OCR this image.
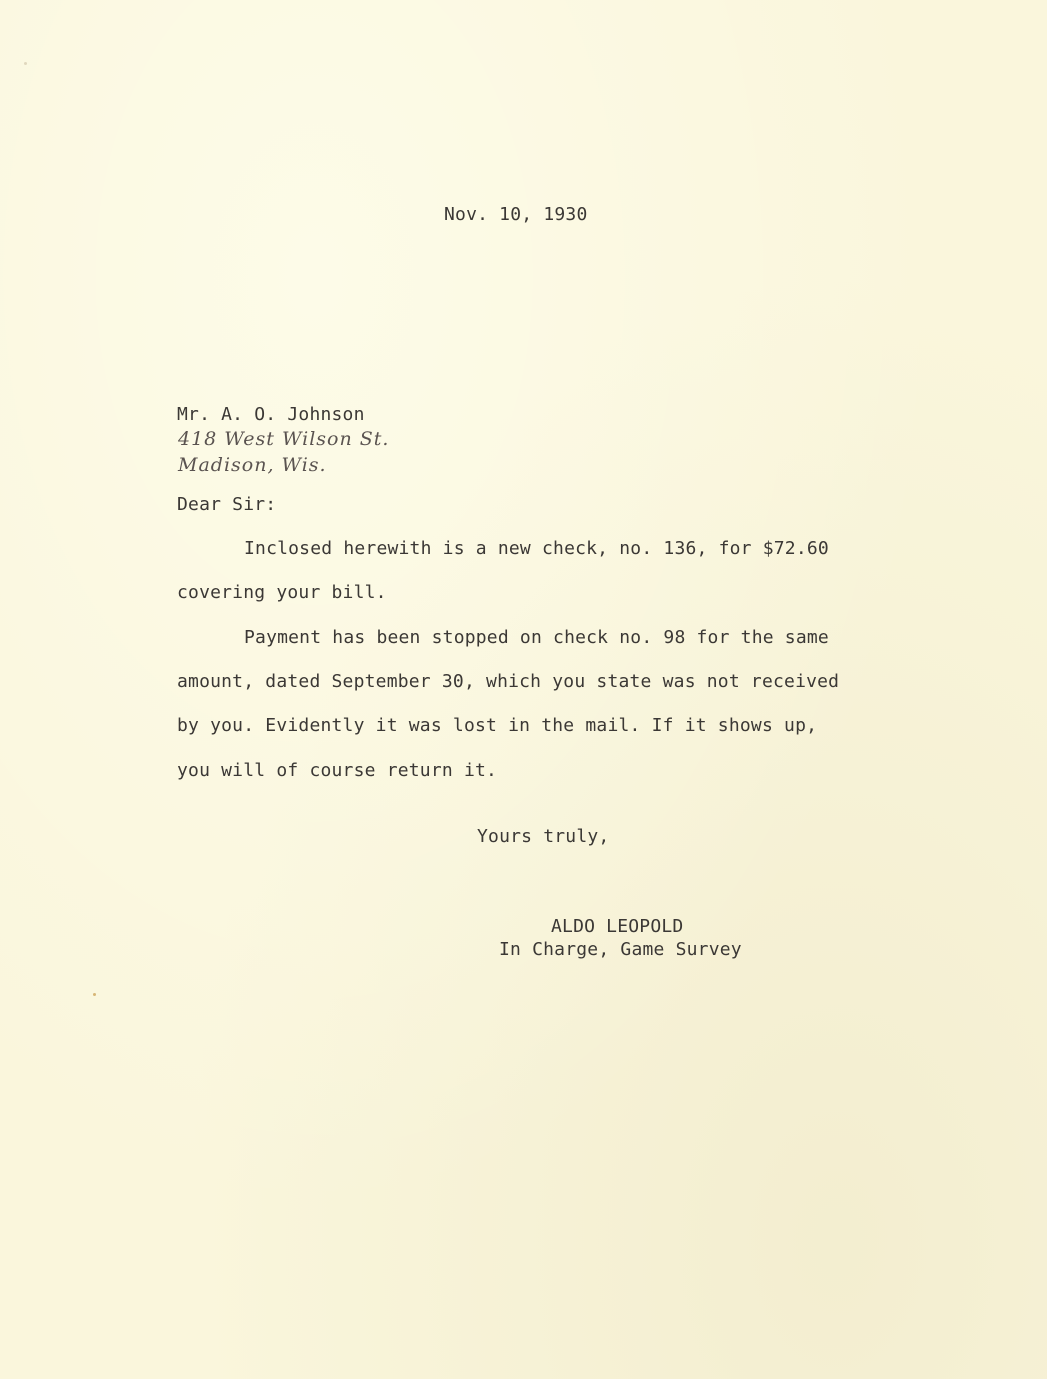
Nov. 10, 1930
Mr. A. O. Johnson
418 West Wilson St.
Madison, Wis.
Dear Sir:
Inclosed herewith is a new check, no. 136, for $72.60
covering your bill.
Payment has been stopped on check no. 98 for the same
amount, dated September 30, which you state was not received
by you. Evidently it was lost in the mail. If it shows up,
you will of course return it.
Yours truly,
ALDO LEOPOLD
In Charge, Game Survey
